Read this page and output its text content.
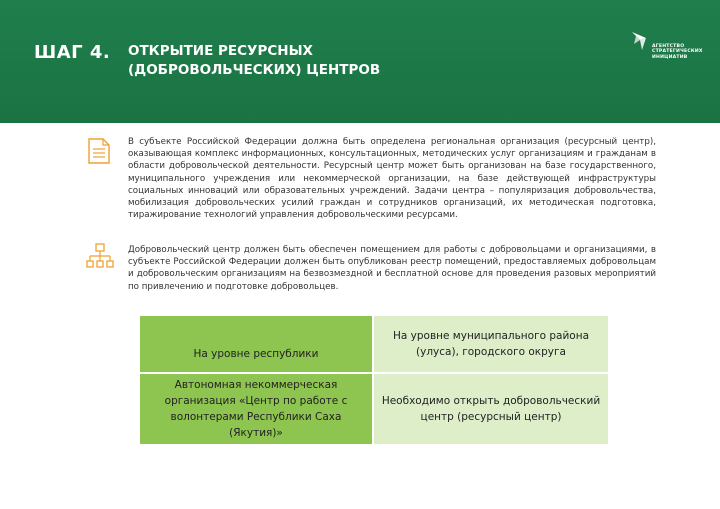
ШАГ 4. ОТКРЫТИЕ РЕСУРСНЫХ
(ДОБРОВОЛЬЧЕСКИХ) ЦЕНТРОВ
АГЕНТСТВО
СТРАТЕГИЧЕСКИХ
ИНИЦИАТИВ
В субъекте Российской Федерации должна быть определена региональная организация (ресурсный центр), оказывающая комплекс информационных, консультационных, методических услуг организациям и гражданам в области добровольческой деятельности. Ресурсный центр может быть организован на базе государственного, муниципального учреждения или некоммерческой организации, на базе действующей инфраструктуры социальных инноваций или образовательных учреждений. Задачи центра – популяризация добровольчества, мобилизация добровольческих усилий граждан и сотрудников организаций, их методическая подготовка, тиражирование технологий управления добровольческими ресурсами.
Добровольческий центр должен быть обеспечен помещением для работы с добровольцами и организациями, в субъекте Российской Федерации должен быть опубликован реестр помещений, предоставляемых добровольцам и добровольческим организациям на безвозмездной и бесплатной основе для проведения разовых мероприятий по привлечению и подготовке добровольцев.
На уровне республики
На уровне муниципального района (улуса), городского округа
Автономная некоммерческая организация «Центр по работе с волонтерами Республики Саха (Якутия)»
Необходимо открыть добровольческий центр (ресурсный центр)
